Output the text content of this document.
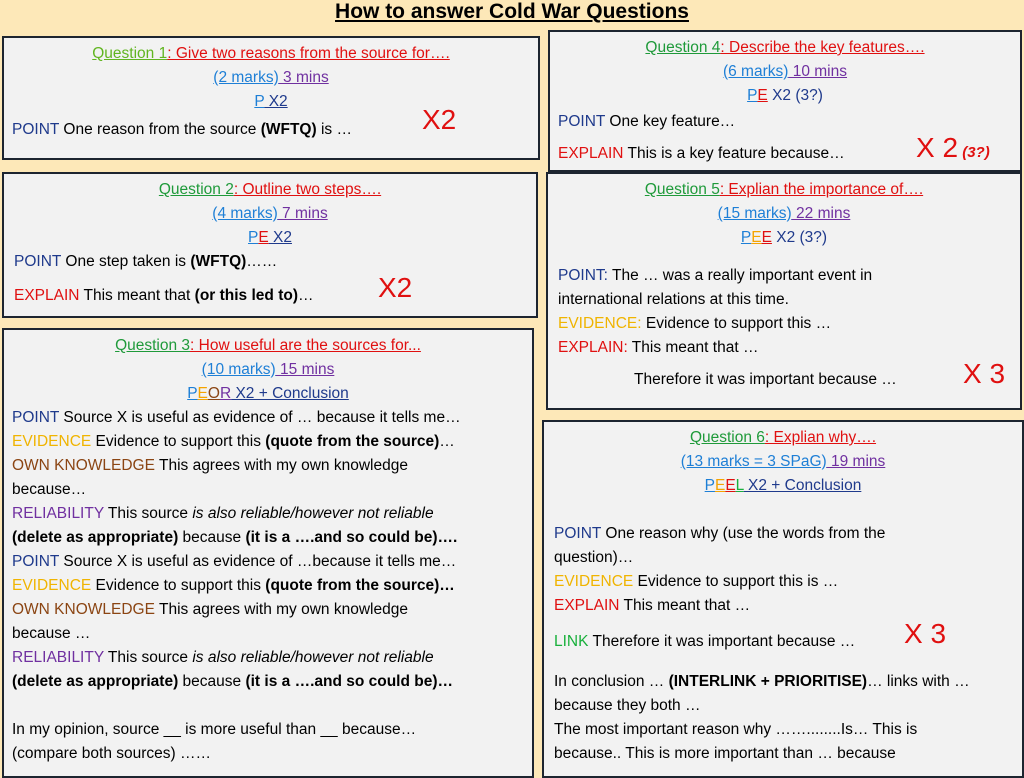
How to answer Cold War Questions
Question 1: Give two reasons from the source for….
(2 marks) 3 mins
P X2
POINT One reason from the source (WFTQ) is …	X2
Question 4: Describe the key features….
(6 marks) 10 mins
PE X2 (3?)
POINT One key feature…
EXPLAIN This is a key feature because…	X 2 (3?)
Question 2: Outline two steps….
(4 marks) 7 mins
PE X2
POINT One step taken is (WFTQ)……
EXPLAIN This meant that (or this led to)… X2
Question 5: Explian the importance of….
(15 marks) 22 mins
PEE X2 (3?)
POINT: The … was a really important event in
international relations at this time.
EVIDENCE: Evidence to support this …
EXPLAIN: This meant that …
Therefore it was important because … X 3
Question 3: How useful are the sources for...
(10 marks) 15 mins
PEOR X2 + Conclusion
POINT Source X is useful as evidence of … because it tells me…
EVIDENCE Evidence to support this (quote from the source)…
OWN KNOWLEDGE This agrees with my own knowledge
because…
RELIABILITY This source is also reliable/however not reliable
(delete as appropriate) because (it is a ….and so could be)….
POINT Source X is useful as evidence of …because it tells me…
EVIDENCE Evidence to support this (quote from the source)…
OWN KNOWLEDGE This agrees with my own knowledge
because …
RELIABILITY This source is also reliable/however not reliable
(delete as appropriate) because (it is a ….and so could be)…
In my opinion, source __ is more useful than __ because…
(compare both sources) ……
Question 6: Explian why….
(13 marks = 3 SPaG) 19 mins
PEEL X2 + Conclusion
POINT One reason why (use the words from the
question)…
EVIDENCE Evidence to support this is …
EXPLAIN This meant that …
LINK Therefore it was important because … X 3
In conclusion … (INTERLINK + PRIORITISE)… links with …
because they both …
The most important reason why ……........Is… This is
because.. This is more important than … because
